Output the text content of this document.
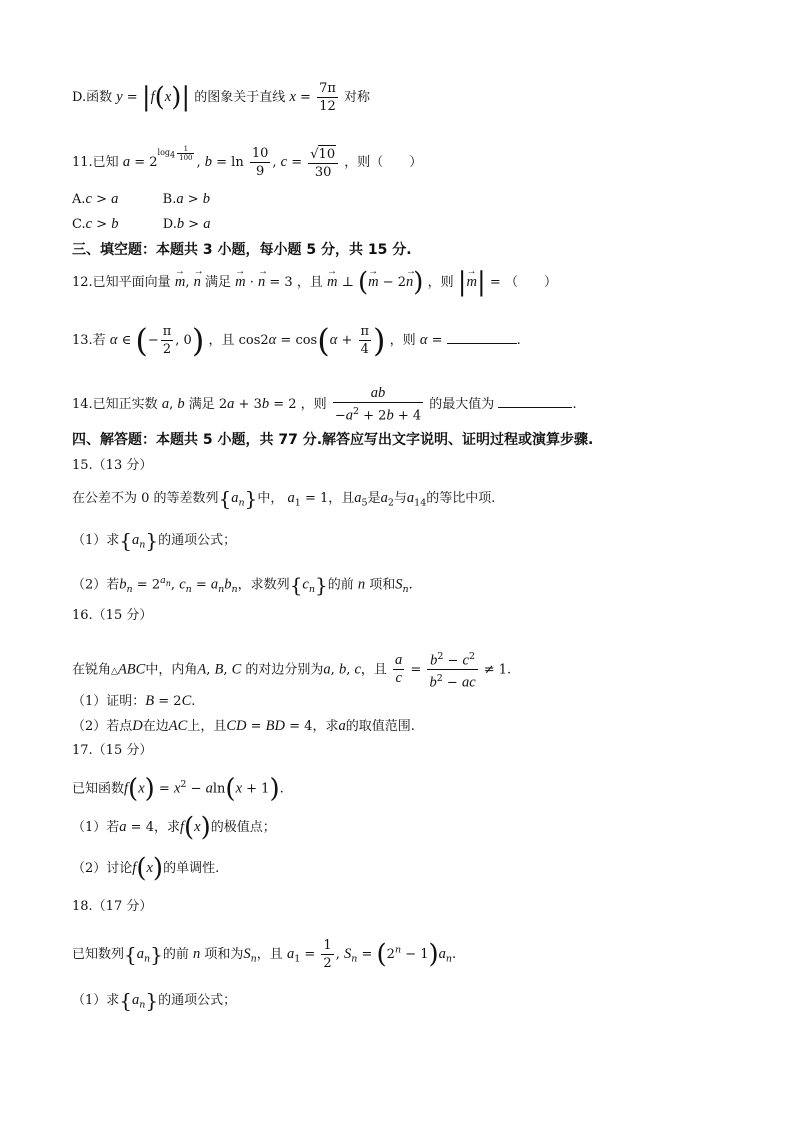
D.函数 y = |f(x)| 的图象关于直线 $x = \frac{7\pi}{12}$ 对称
11.已知 $a = 2^{log_4 \frac{1}{100}}$
, $b = \ln \frac{10}{9}$ , $c = \frac{√10}{30}$ ，则（　　）
A.c > a	B.a > b
C.c > b	D.b > a
三、填空题：本题共 3 小题，每小题 5 分，共 15 分.
12.已知平面向量 → m, → n 满足 → m · → n = 3 ，且 → m ⊥ (→ m − 2→ n) ，则 |→ m| = （　　）
13.若 α ∈ (− $\frac{\pi}{2}$ , 0) ，且 $\cos 2\alpha = \cos(\alpha + \frac{\pi}{4}$ ) ，则 α =	.
14.已知正实数 a, b 满足 2a + 3b = 2 ，则 $\frac{ab}{-a^2 + 2b + 4}$ 的最大值为	.
四、解答题：本题共 5 小题，共 77 分.解答应写出文字说明、证明过程或演算步骤.
15.（13 分）
在公差不为 0 的等差数列$\{a_n\}$中， $a_1 = 1$，且$a_5$是$a_2$与$a_{14}$的等比中项.
（1）求$\{a_n\}$的通项公式；
（2）若$b_n = 2^{a_n}$, $c_n = a_nb_n$，求数列$\{c_n\}$的前 n 项和$S_n$.
16.（15 分）
在锐角△ABC中，内角A, B, C 的对边分别为a, b, c，且 $\frac{a}{c} = \frac{b^2 - c^2}{b^2 - ac} \ne 1$.
（1）证明：B = 2C.
（2）若点D在边AC上，且CD = BD = 4，求a的取值范围.
17.（15 分）
已知函数$f(x) = x^2 - aln(x + 1)$.
（1）若a = 4，求f(x)的极值点；
（2）讨论f(x)的单调性.
18.（17 分）
已知数列$\{a_n\}$的前 n 项和为$S_n$，且 $a_1 = \frac{1}{2}$ , $S_n = (2^n - 1)a_n$.
（1）求$\{a_n\}$的通项公式；
